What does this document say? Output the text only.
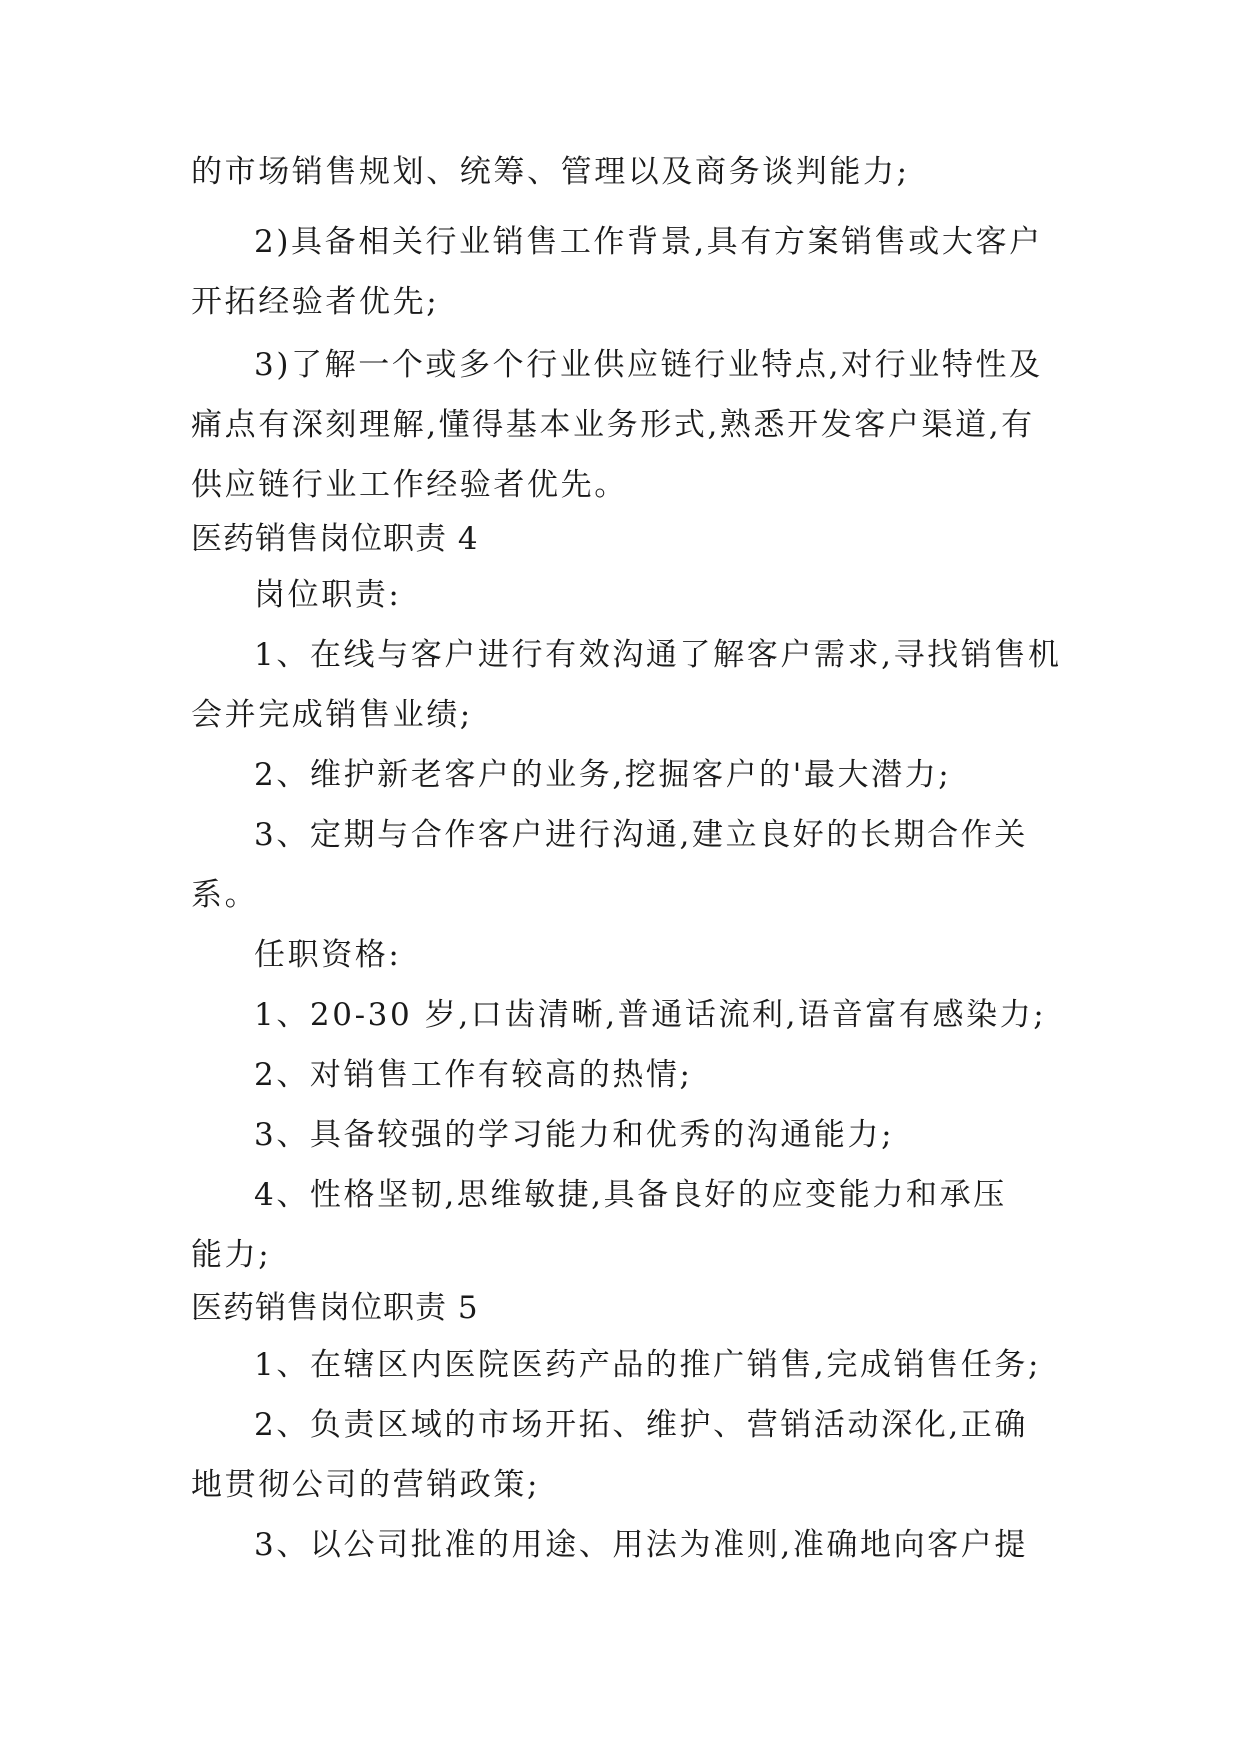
的市场销售规划、统筹、管理以及商务谈判能力;
2)具备相关行业销售工作背景,具有方案销售或大客户
开拓经验者优先;
3)了解一个或多个行业供应链行业特点,对行业特性及
痛点有深刻理解,懂得基本业务形式,熟悉开发客户渠道,有
供应链行业工作经验者优先。
医药销售岗位职责 4
岗位职责:
1、在线与客户进行有效沟通了解客户需求,寻找销售机
会并完成销售业绩;
2、维护新老客户的业务,挖掘客户的'最大潜力;
3、定期与合作客户进行沟通,建立良好的长期合作关
系。
任职资格:
1、20-30 岁,口齿清晰,普通话流利,语音富有感染力;
2、对销售工作有较高的热情;
3、具备较强的学习能力和优秀的沟通能力;
4、性格坚韧,思维敏捷,具备良好的应变能力和承压
能力;
医药销售岗位职责 5
1、在辖区内医院医药产品的推广销售,完成销售任务;
2、负责区域的市场开拓、维护、营销活动深化,正确
地贯彻公司的营销政策;
3、以公司批准的用途、用法为准则,准确地向客户提
